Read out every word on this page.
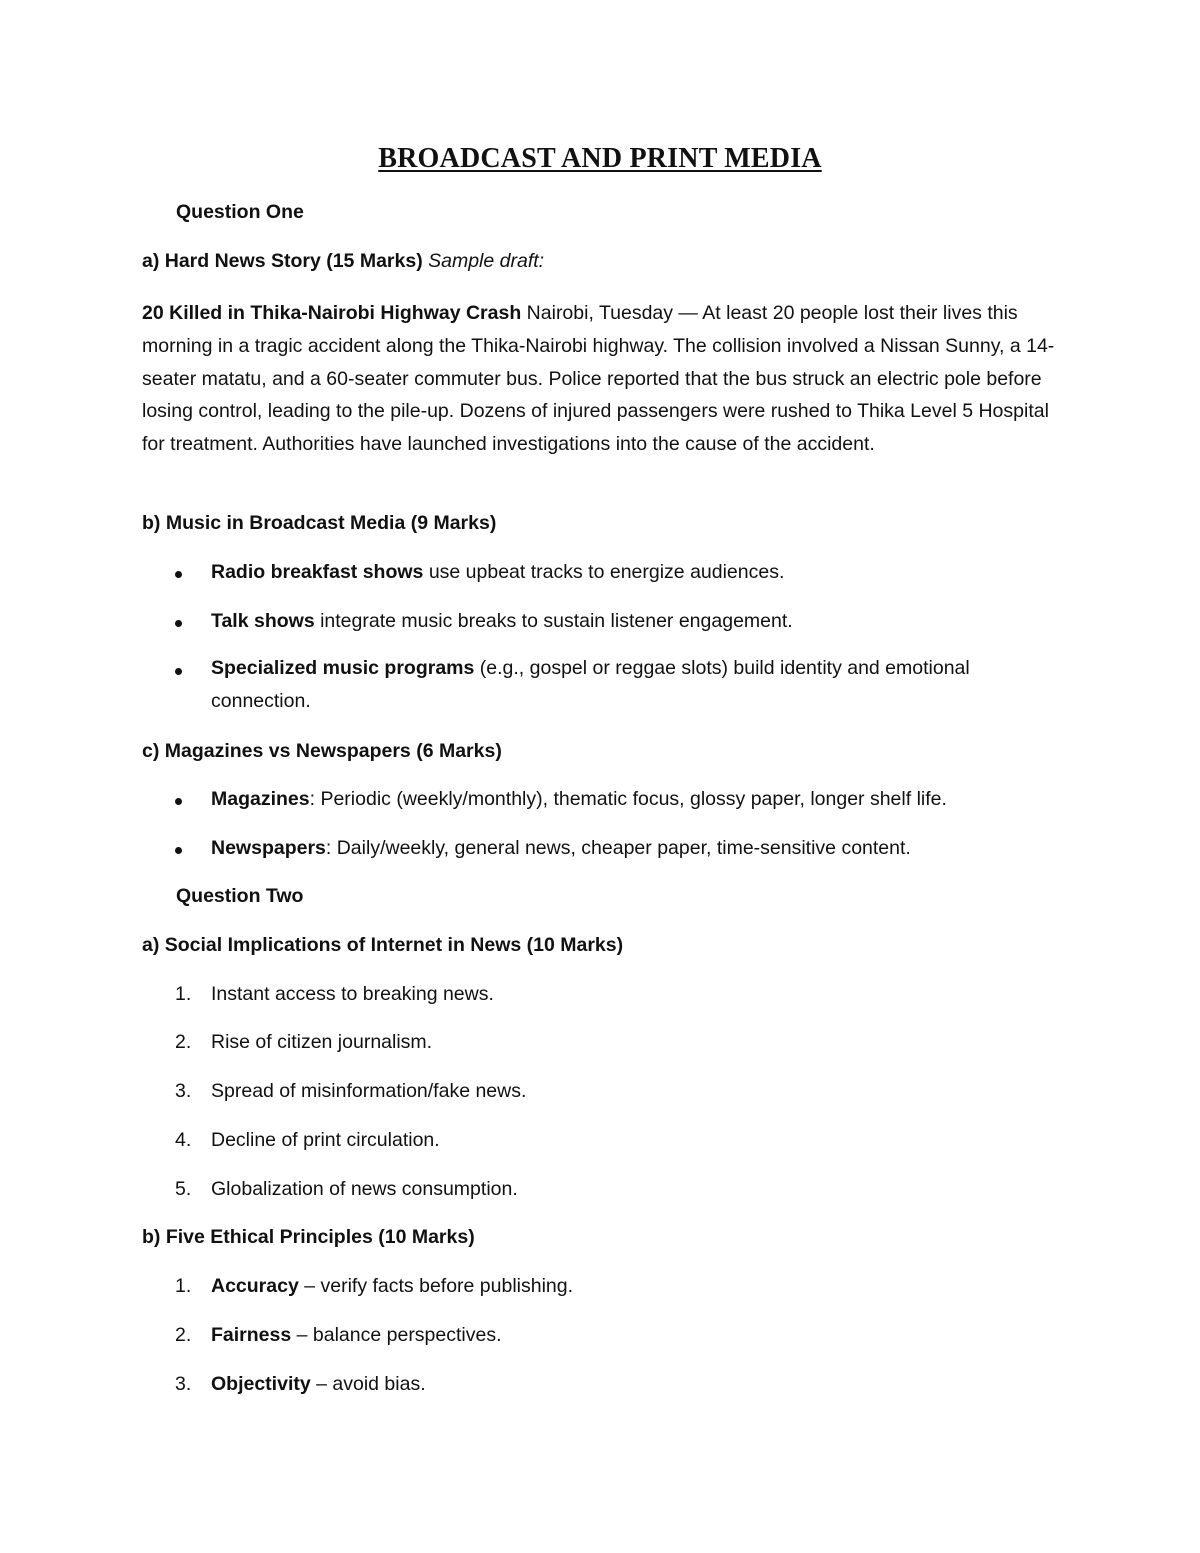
BROADCAST AND PRINT MEDIA
Question One
a) Hard News Story (15 Marks) Sample draft:
20 Killed in Thika-Nairobi Highway Crash Nairobi, Tuesday — At least 20 people lost their lives this morning in a tragic accident along the Thika-Nairobi highway. The collision involved a Nissan Sunny, a 14-seater matatu, and a 60-seater commuter bus. Police reported that the bus struck an electric pole before losing control, leading to the pile-up. Dozens of injured passengers were rushed to Thika Level 5 Hospital for treatment. Authorities have launched investigations into the cause of the accident.
b) Music in Broadcast Media (9 Marks)
Radio breakfast shows use upbeat tracks to energize audiences.
Talk shows integrate music breaks to sustain listener engagement.
Specialized music programs (e.g., gospel or reggae slots) build identity and emotional connection.
c) Magazines vs Newspapers (6 Marks)
Magazines: Periodic (weekly/monthly), thematic focus, glossy paper, longer shelf life.
Newspapers: Daily/weekly, general news, cheaper paper, time-sensitive content.
Question Two
a) Social Implications of Internet in News (10 Marks)
1. Instant access to breaking news.
2. Rise of citizen journalism.
3. Spread of misinformation/fake news.
4. Decline of print circulation.
5. Globalization of news consumption.
b) Five Ethical Principles (10 Marks)
1. Accuracy – verify facts before publishing.
2. Fairness – balance perspectives.
3. Objectivity – avoid bias.
